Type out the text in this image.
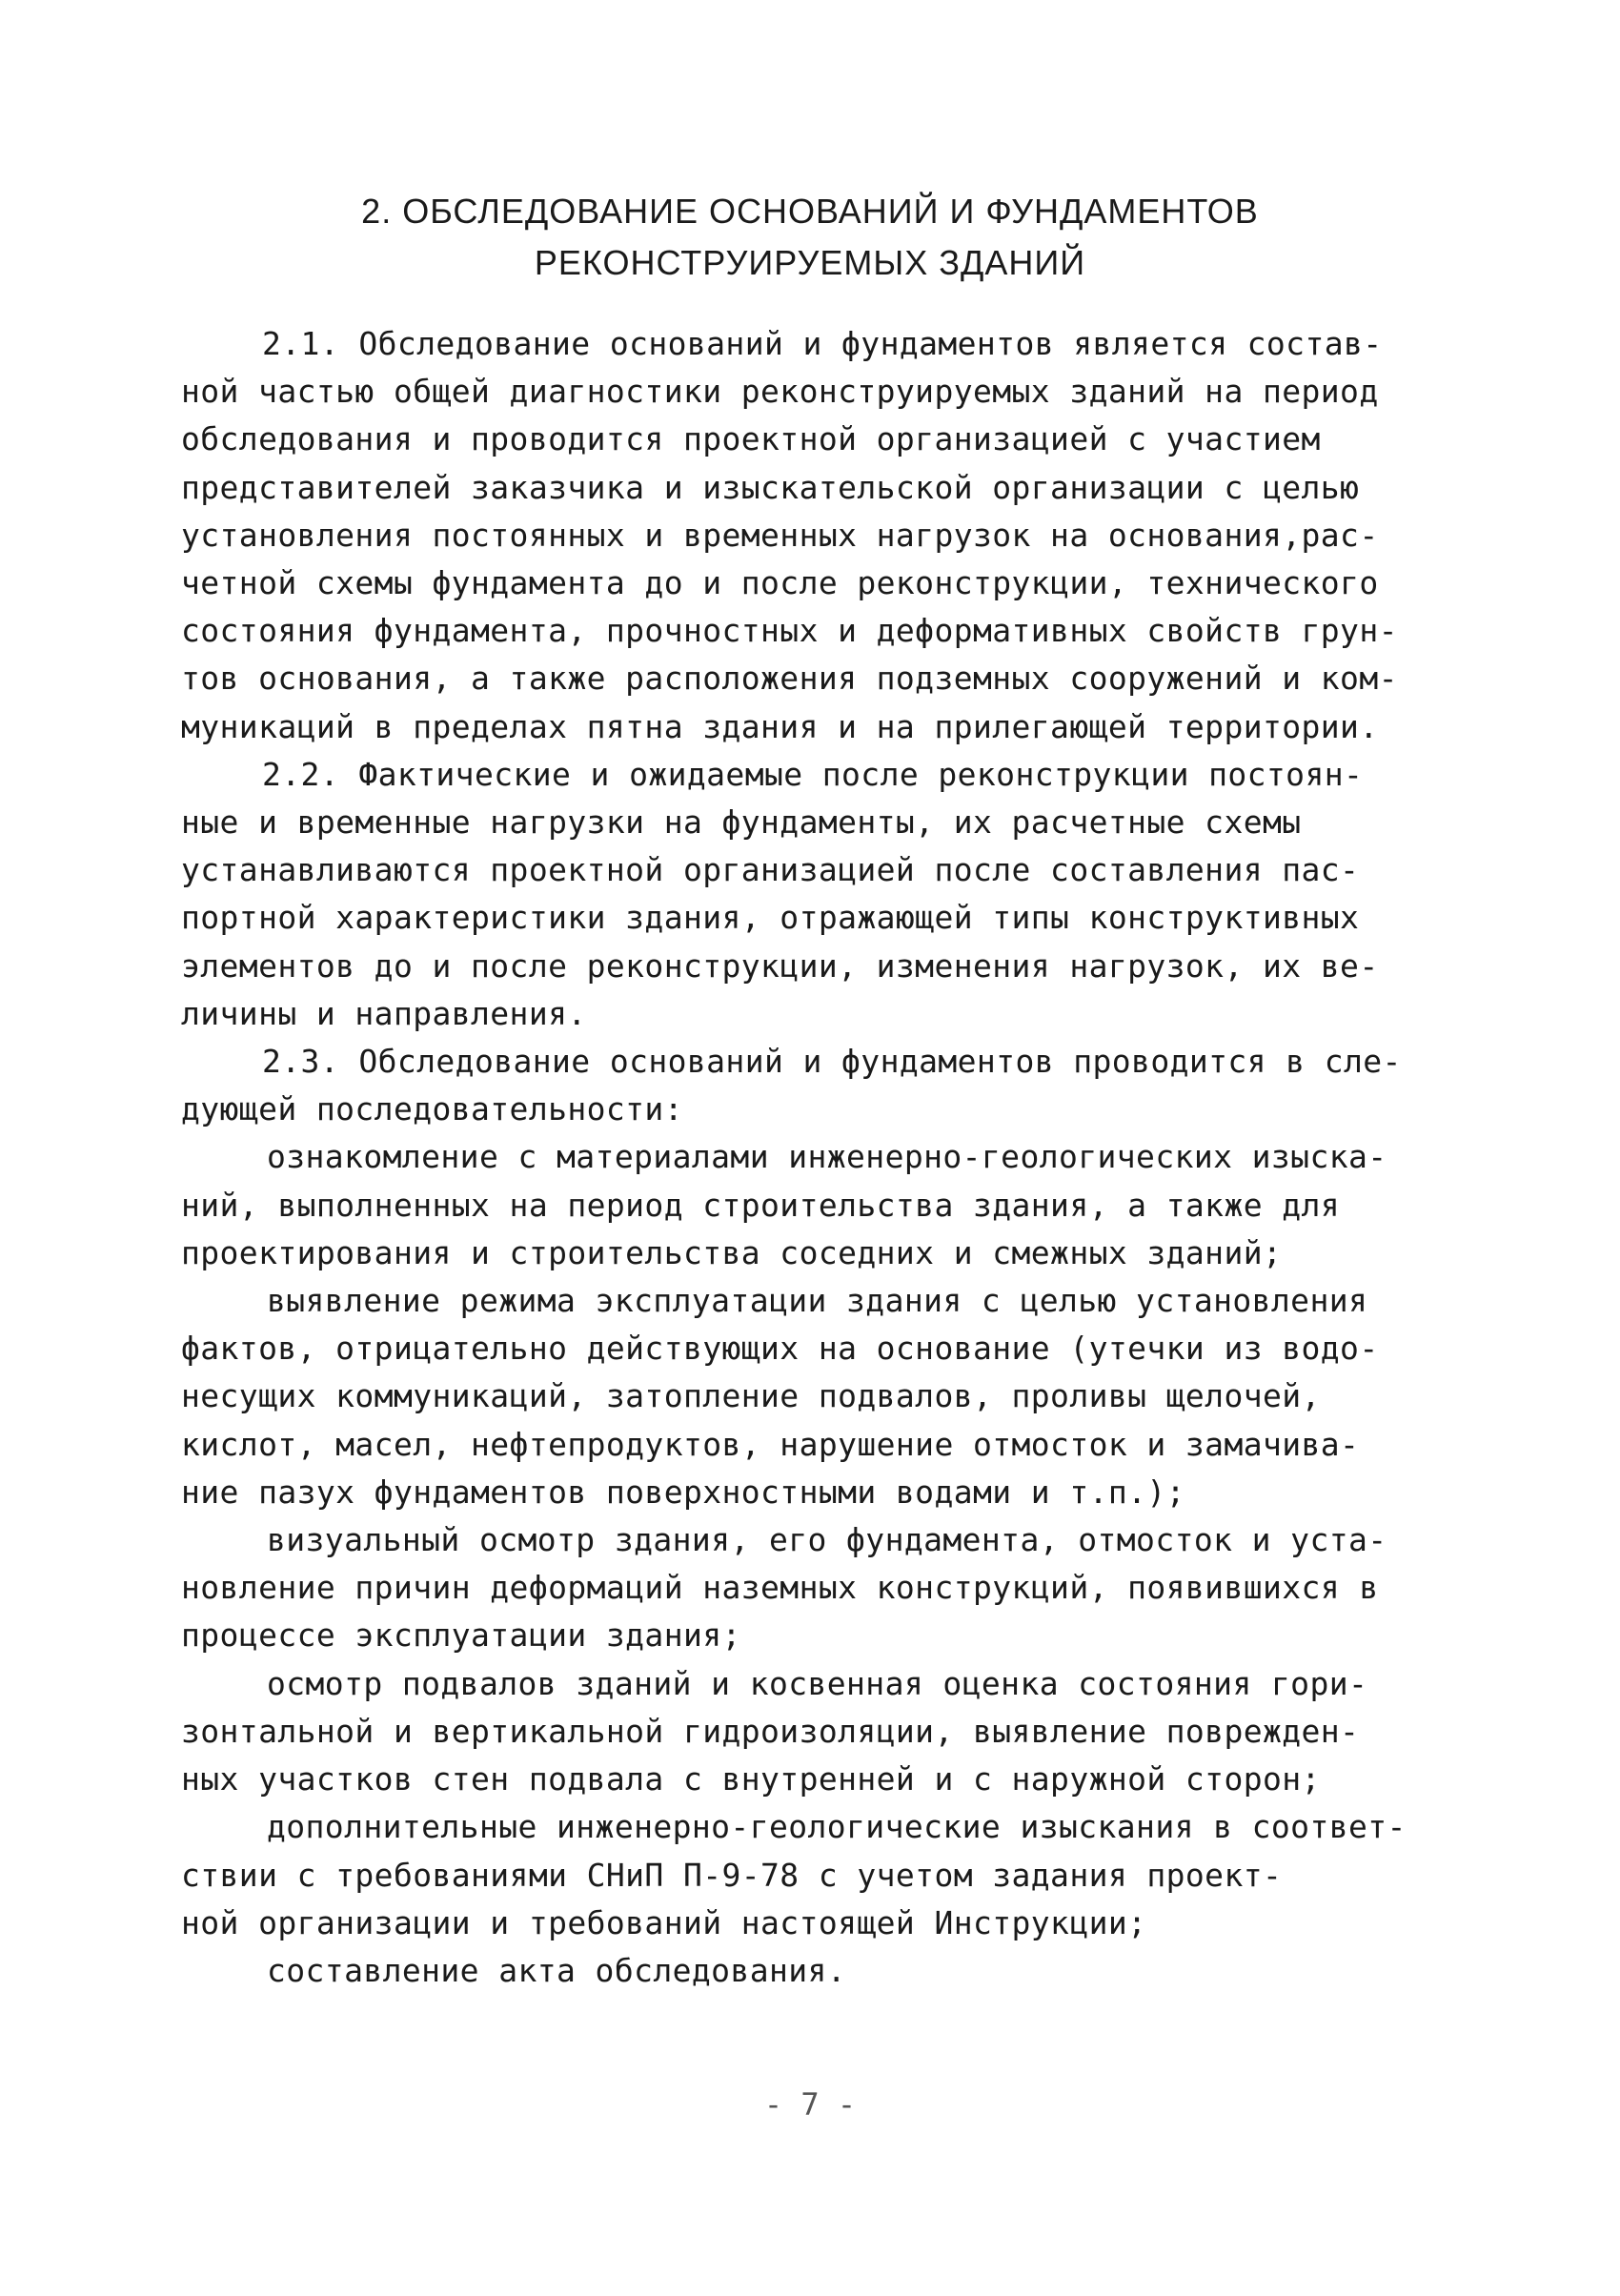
2. ОБСЛЕДОВАНИЕ ОСНОВАНИЙ И ФУНДАМЕНТОВ
РЕКОНСТРУИРУЕМЫХ ЗДАНИЙ
2.1. Обследование оснований и фундаментов является состав-
ной частью общей диагностики реконструируемых зданий на период
обследования и проводится проектной организацией с участием
представителей заказчика и изыскательской организации с целью
установления постоянных и временных нагрузок на основания,рас-
четной схемы фундамента до и после реконструкции, технического
состояния фундамента, прочностных и деформативных свойств грун-
тов основания, а также расположения подземных сооружений и ком-
муникаций в пределах пятна здания и на прилегающей территории.
2.2. Фактические и ожидаемые после реконструкции постоян-
ные и временные нагрузки на фундаменты, их расчетные схемы
устанавливаются проектной организацией после составления пас-
портной характеристики здания, отражающей типы конструктивных
элементов до и после реконструкции, изменения нагрузок, их ве-
личины и направления.
2.3. Обследование оснований и фундаментов проводится в сле-
дующей последовательности:
ознакомление с материалами инженерно-геологических изыска-
ний, выполненных на период строительства здания, а также для
проектирования и строительства соседних и смежных зданий;
выявление режима эксплуатации здания с целью установления
фактов, отрицательно действующих на основание (утечки из водо-
несущих коммуникаций, затопление подвалов, проливы щелочей,
кислот, масел, нефтепродуктов, нарушение отмосток и замачива-
ние пазух фундаментов поверхностными водами и т.п.);
визуальный осмотр здания, его фундамента, отмосток и уста-
новление причин деформаций наземных конструкций, появившихся в
процессе эксплуатации здания;
осмотр подвалов зданий и косвенная оценка состояния гори-
зонтальной и вертикальной гидроизоляции, выявление поврежден-
ных участков стен подвала с внутренней и с наружной сторон;
дополнительные инженерно-геологические изыскания в соответ-
ствии с требованиями СНиП П-9-78 с учетом задания проект-
ной организации и требований настоящей Инструкции;
составление акта обследования.
- 7 -
